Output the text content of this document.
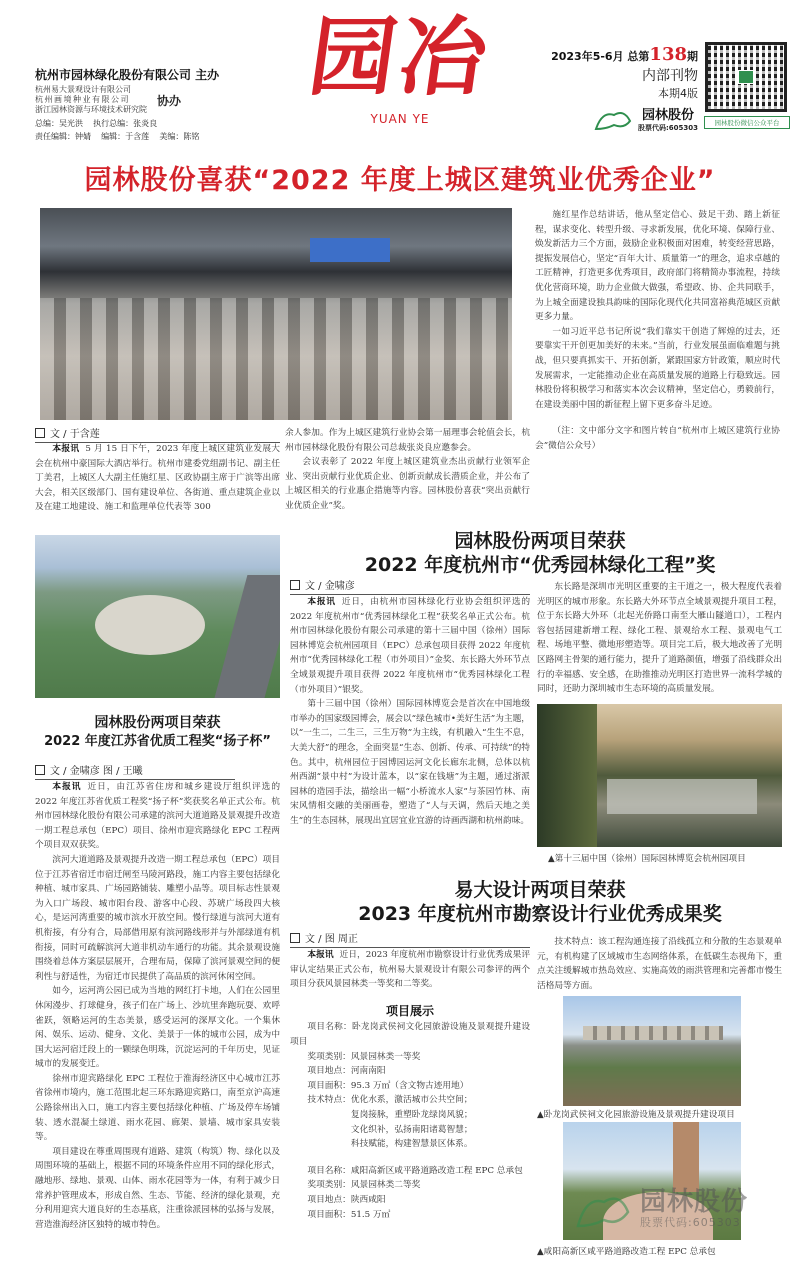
杭州市园林绿化股份有限公司 主办
杭州易大景观设计有限公司
杭州画境种业有限公司
浙江园林资源与环境技术研究院
协办
总编：吴光洪    执行总编：张炎良
责任编辑：钟婧    编辑：于含莲    美编：陈铭
园冶
YUAN YE
2023年5-6月 总第138期
内部刊物
本期4版
园林股份
股票代码:605303
园林股份微信公众平台
园林股份喜获“2022 年度上城区建筑业优秀企业”

施红星作总结讲话，他从坚定信心、鼓足干劲、踏上新征程，谋求变化、转型升级、寻求新发展，优化环境、保障行业、焕发新活力三个方面，鼓励企业积极面对困难，转变经营思路，提振发展信心，坚定“百年大计、质量第一”的理念，追求卓越的工匠精神，打造更多优秀项目，政府部门将精简办事流程，持续优化营商环境，助力企业做大做强，希望政、协、企共同联手，为上城全面建设独具韵味的国际化现代化共同富裕典范城区贡献更多力量。

一如习近平总书记所说“我们靠实干创造了辉煌的过去，还要靠实干开创更加美好的未来。”当前，行业发展虽面临难题与挑战，但只要真抓实干、开拓创新，紧跟国家方针政策，顺应时代发展需求，一定能推动企业在高质量发展的道路上行稳致远。园林股份将积极学习和落实本次会议精神，坚定信心，勇毅前行，在建设美丽中国的新征程上留下更多奋斗足迹。

（注：文中部分文字和图片转自“杭州市上城区建筑行业协会”微信公众号）

文 / 于含莲

本报讯 5 月 15 日下午，2023 年度上城区建筑业发展大会在杭州中豪国际大酒店举行。杭州市建委党组副书记、副主任丁美君，上城区人大副主任施红星、区政协副主席于广滨等出席大会，相关区级部门、国有建设单位、各街道、重点建筑企业以及在建工地建设、施工和监理单位代表等 300

余人参加。作为上城区建筑行业协会第一届理事会轮值会长，杭州市园林绿化股份有限公司总裁张炎良应邀参会。

会议表彰了 2022 年度上城区建筑业杰出贡献行业领军企业、突出贡献行业优质企业、创新贡献成长潜质企业，并公布了上城区相关的行业惠企措施等内容。园林股份喜获“突出贡献行业优质企业”奖。

园林股份两项目荣获
2022 年度江苏省优质工程奖“扬子杯”
文 / 金啸彦 图 / 王曦

本报讯 近日，由江苏省住房和城乡建设厅组织评选的 2022 年度江苏省优质工程奖“扬子杯”奖获奖名单正式公布。杭州市园林绿化股份有限公司承建的滨河大道道路及景观提升改造一期工程总承包（EPC）项目、徐州市迎宾路绿化 EPC 工程两个项目双双获奖。

滨河大道道路及景观提升改造一期工程总承包（EPC）项目位于江苏省宿迁市宿迁闸至马陵河路段，施工内容主要包括绿化种植、城市家具、广场园路铺装、雕塑小品等。项目标志性景观为入口广场段、城市阳台段、游客中心段、苏琥广场段四大核心，是运河湾重要的城市滨水开放空间。慢行绿道与滨河大道有机衔接，有分有合，局部借用原有滨河路线形并与外部绿道有机衔接，同时可疏解滨河大道非机动车通行的功能。其余景观设施围绕着总体方案层层展开，合理布局，保障了滨河景观空间的便利性与舒适性，为宿迁市民提供了高品质的滨河休闲空间。

如今，运河湾公园已成为当地的网红打卡地，人们在公园里休闲漫步、打球健身，孩子们在广场上、沙坑里奔跑玩耍、欢呼雀跃，领略运河的生态美景，感受运河的深厚文化。一个集休闲、娱乐、运动、健身、文化、美景于一体的城市公园，成为中国大运河宿迁段上的一颗绿色明珠，沉淀运河的千年历史，见证城市的发展变迁。

徐州市迎宾路绿化 EPC 工程位于淮海经济区中心城市江苏省徐州市境内，施工范围北起三环东路迎宾路口，南至京沪高速公路徐州出入口，施工内容主要包括绿化种植、广场及停车场铺装、透水混凝土绿道、雨水花园、廊架、景墙、城市家具安装等。

项目建设在尊重周围现有道路、建筑（构筑）物、绿化以及周围环境的基础上，根据不同的环境条件应用不同的绿化形式，融地形、绿地、景观、山体、雨水花园等为一体，有利于减少日常养护管理成本，形成自然、生态、节能、经济的绿化景观，充分利用迎宾大道良好的生态基底，注重徐派园林的弘扬与发展，营造淮海经济区独特的城市特色。

园林股份两项目荣获
2022 年度杭州市“优秀园林绿化工程”奖
文 / 金啸彦

本报讯 近日，由杭州市园林绿化行业协会组织评选的 2022 年度杭州市“优秀园林绿化工程”获奖名单正式公布。杭州市园林绿化股份有限公司承建的第十三届中国（徐州）国际园林博览会杭州园项目（EPC）总承包项目获得 2022 年度杭州市“优秀园林绿化工程（市外项目）”金奖、东长路大外环节点全域景观提升项目获得 2022 年度杭州市“优秀园林绿化工程（市外项目）”银奖。

第十三届中国（徐州）国际园林博览会是首次在中国地级市举办的国家级园博会，展会以“绿色城市•美好生活”为主题，以“一生二，二生三，三生万物”为主线，有机融入“生生不息，大美大舒”的理念，全面突显“生态、创新、传承、可持续”的特色。其中，杭州园位于园博园运河文化长廊东北侧，总体以杭州西湖“景中村”为设计蓝本，以“家在钱塘”为主题，通过浙派园林的造园手法，描绘出一幅“小桥流水人家”与茶园竹林、南宋风情相交融的美丽画卷，塑造了“人与天调，然后天地之美生”的生态园林，展现出宜居宜业宜游的诗画西湖和杭州韵味。

东长路是深圳市光明区重要的主干道之一，极大程度代表着光明区的城市形象。东长路大外环节点全域景观提升项目工程，位于东长路大外环（北起光侨路口南至大雁山隧道口），工程内容包括园建新增工程、绿化工程、景观给水工程、景观电气工程、场地平整、微地形塑造等。项目完工后，极大地改善了光明区路网主骨架的通行能力，提升了道路颜值，增强了沿线群众出行的幸福感、安全感，在助推推动光明区打造世界一流科学城的同时，还助力深圳城市生态环境的高质量发展。

▲第十三届中国（徐州）国际园林博览会杭州园项目
易大设计两项目荣获
2023 年度杭州市勘察设计行业优秀成果奖
文 / 图 周正

本报讯 近日，2023 年度杭州市勘察设计行业优秀成果评审认定结果正式公布，杭州易大景观设计有限公司参评的两个项目分获风景园林类一等奖和二等奖。

项目展示

项目名称：卧龙岗武侯祠文化园旅游设施及景观提升建设项目

奖项类别：风景园林类一等奖

项目地点：河南南阳

项目面积：95.3 万㎡（含文物古迹用地）

技术特点：优化水系，激活城市公共空间；

复岗接脉，重塑卧龙绿岗风貌；

文化织补，弘扬南阳诸葛智慧；

科技赋能，构建智慧景区体系。

项目名称：咸阳高新区咸平路道路改造工程 EPC 总承包

奖项类别：风景园林类二等奖

项目地点：陕西咸阳

项目面积：51.5 万㎡

技术特点：该工程沟通连接了沿线孤立和分散的生态景观单元，有机构建了区域城市生态网络体系，在低碳生态视角下，重点关注缓解城市热岛效应、实施高效的雨洪管理和完善都市慢生活格局等方面。

▲卧龙岗武侯祠文化园旅游设施及景观提升建设项目
▲咸阳高新区咸平路道路改造工程 EPC 总承包
园林股份
股票代码:605303
